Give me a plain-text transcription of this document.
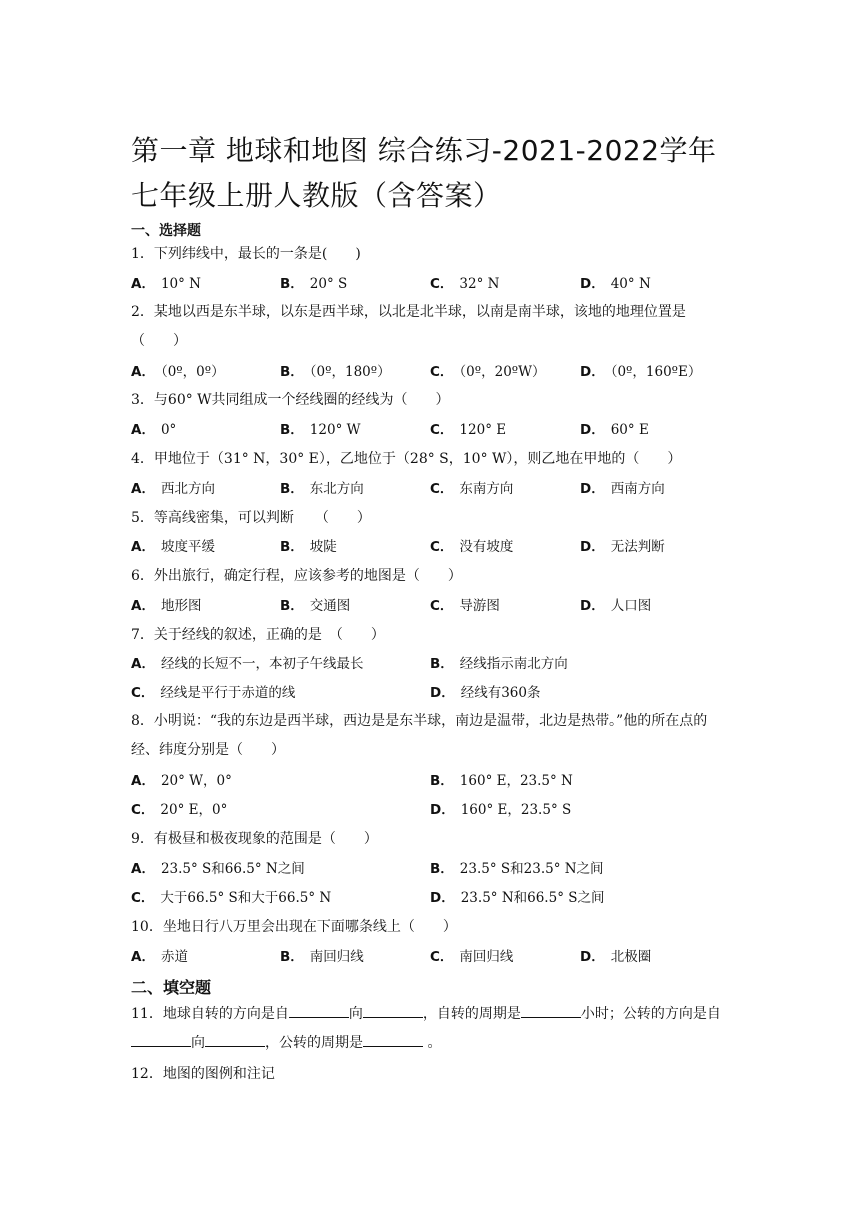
第一章 地球和地图 综合练习-2021-2022学年七年级上册人教版（含答案）
一、选择题
1．下列纬线中，最长的一条是(　　)
A． 10° N	B． 20° S	C． 32° N	D． 40° N
2．某地以西是东半球，以东是西半球，以北是北半球，以南是南半球，该地的地理位置是（　　）
A． （0º，0º）	B． （0º，180º）	C． （0º，20ºW）	D． （0º，160ºE）
3．与60° W共同组成一个经线圈的经线为（　　）
A． 0°	B． 120° W	C． 120° E	D． 60° E
4．甲地位于（31° N，30° E），乙地位于（28° S，10° W），则乙地在甲地的（　　）
A． 西北方向	B． 东北方向	C． 东南方向	D． 西南方向
5．等高线密集，可以判断　　（　　）
A． 坡度平缓	B． 坡陡	C． 没有坡度	D． 无法判断
6．外出旅行，确定行程，应该参考的地图是（　　）
A． 地形图	B． 交通图	C． 导游图	D． 人口图
7．关于经线的叙述，正确的是　（　　）
A． 经线的长短不一，本初子午线最长	B． 经线指示南北方向
C． 经线是平行于赤道的线	D． 经线有360条
8．小明说：“我的东边是西半球，西边是是东半球，南边是温带，北边是热带。”他的所在点的经、纬度分别是（　　）
A． 20° W，0°	B． 160° E，23.5° N
C． 20° E，0°	D． 160° E，23.5° S
9．有极昼和极夜现象的范围是（　　）
A． 23.5° S和66.5° N之间	B． 23.5° S和23.5° N之间
C． 大于66.5° S和大于66.5° N	D． 23.5° N和66.5° S之间
10．坐地日行八万里会出现在下面哪条线上（　　）
A． 赤道	B． 南回归线	C． 南回归线	D． 北极圈
二、填空题
11．地球自转的方向是自	向	，自转的周期是	小时；公转的方向是自向	，公转的周期是	。
12．地图的图例和注记
